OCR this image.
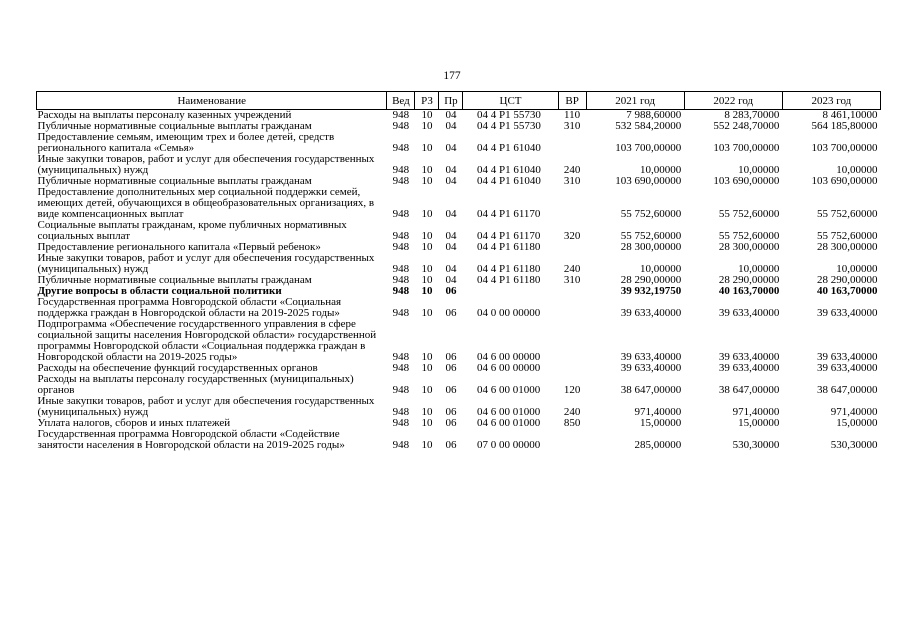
177
Наименование	Вед	РЗ	Пр	ЦСТ	ВР	2021 год	2022 год	2023 год
Расходы на выплаты персоналу казенных учреждений	948	10	04	04 4 P1 55730	110	7 988,60000	8 283,70000	8 461,10000
Публичные нормативные социальные выплаты гражданам	948	10	04	04 4 P1 55730	310	532 584,20000	552 248,70000	564 185,80000
Предоставление семьям, имеющим трех и более детей, средств регионального капитала «Семья»	948	10	04	04 4 P1 61040		103 700,00000	103 700,00000	103 700,00000
Иные закупки товаров, работ и услуг для обеспечения государственных (муниципальных) нужд	948	10	04	04 4 P1 61040	240	10,00000	10,00000	10,00000
Публичные нормативные социальные выплаты гражданам	948	10	04	04 4 P1 61040	310	103 690,00000	103 690,00000	103 690,00000
Предоставление дополнительных мер социальной поддержки семей, имеющих детей, обучающихся в общеобразовательных организациях, в виде компенсационных выплат	948	10	04	04 4 P1 61170		55 752,60000	55 752,60000	55 752,60000
Социальные выплаты гражданам, кроме публичных нормативных социальных выплат	948	10	04	04 4 P1 61170	320	55 752,60000	55 752,60000	55 752,60000
Предоставление регионального капитала «Первый ребенок»	948	10	04	04 4 P1 61180		28 300,00000	28 300,00000	28 300,00000
Иные закупки товаров, работ и услуг для обеспечения государственных (муниципальных) нужд	948	10	04	04 4 P1 61180	240	10,00000	10,00000	10,00000
Публичные нормативные социальные выплаты гражданам	948	10	04	04 4 P1 61180	310	28 290,00000	28 290,00000	28 290,00000
Другие вопросы в области социальной политики	948	10	06			39 932,19750	40 163,70000	40 163,70000
Государственная программа Новгородской области «Социальная поддержка граждан в Новгородской области на 2019-2025 годы»	948	10	06	04 0 00 00000		39 633,40000	39 633,40000	39 633,40000
Подпрограмма «Обеспечение государственного управления в сфере социальной защиты населения Новгородской области» государственной программы Новгородской области «Социальная поддержка граждан в Новгородской области на 2019-2025 годы»	948	10	06	04 6 00 00000		39 633,40000	39 633,40000	39 633,40000
Расходы на обеспечение функций государственных органов	948	10	06	04 6 00 00000		39 633,40000	39 633,40000	39 633,40000
Расходы на выплаты персоналу государственных (муниципальных) органов	948	10	06	04 6 00 01000	120	38 647,00000	38 647,00000	38 647,00000
Иные закупки товаров, работ и услуг для обеспечения государственных (муниципальных) нужд	948	10	06	04 6 00 01000	240	971,40000	971,40000	971,40000
Уплата налогов, сборов и иных платежей	948	10	06	04 6 00 01000	850	15,00000	15,00000	15,00000
Государственная программа Новгородской области «Содействие занятости населения в Новгородской области на 2019-2025 годы»	948	10	06	07 0 00 00000		285,00000	530,30000	530,30000
